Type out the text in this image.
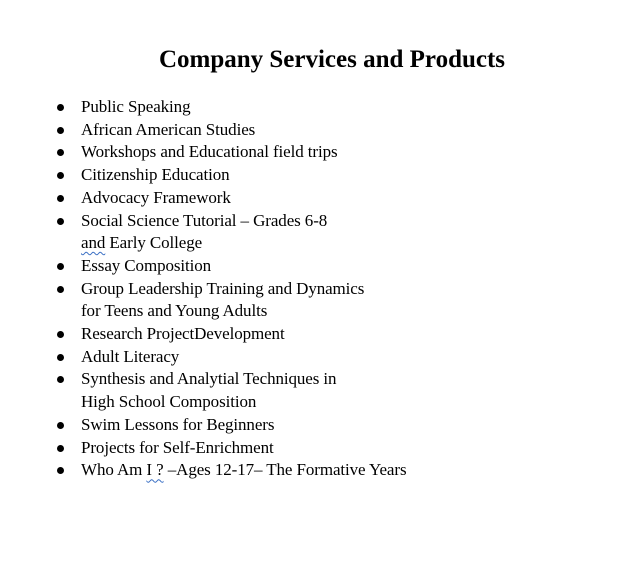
Company Services and Products
Public Speaking
African American Studies
Workshops and Educational field trips
Citizenship Education
Advocacy Framework
Social Science Tutorial – Grades 6-8
and Early College
Essay Composition
Group Leadership Training and Dynamics
for Teens and Young Adults
Research ProjectDevelopment
Adult Literacy
Synthesis and Analytial Techniques in
High School Composition
Swim Lessons for Beginners
Projects for Self-Enrichment
Who Am I ? –Ages 12-17– The Formative Years
